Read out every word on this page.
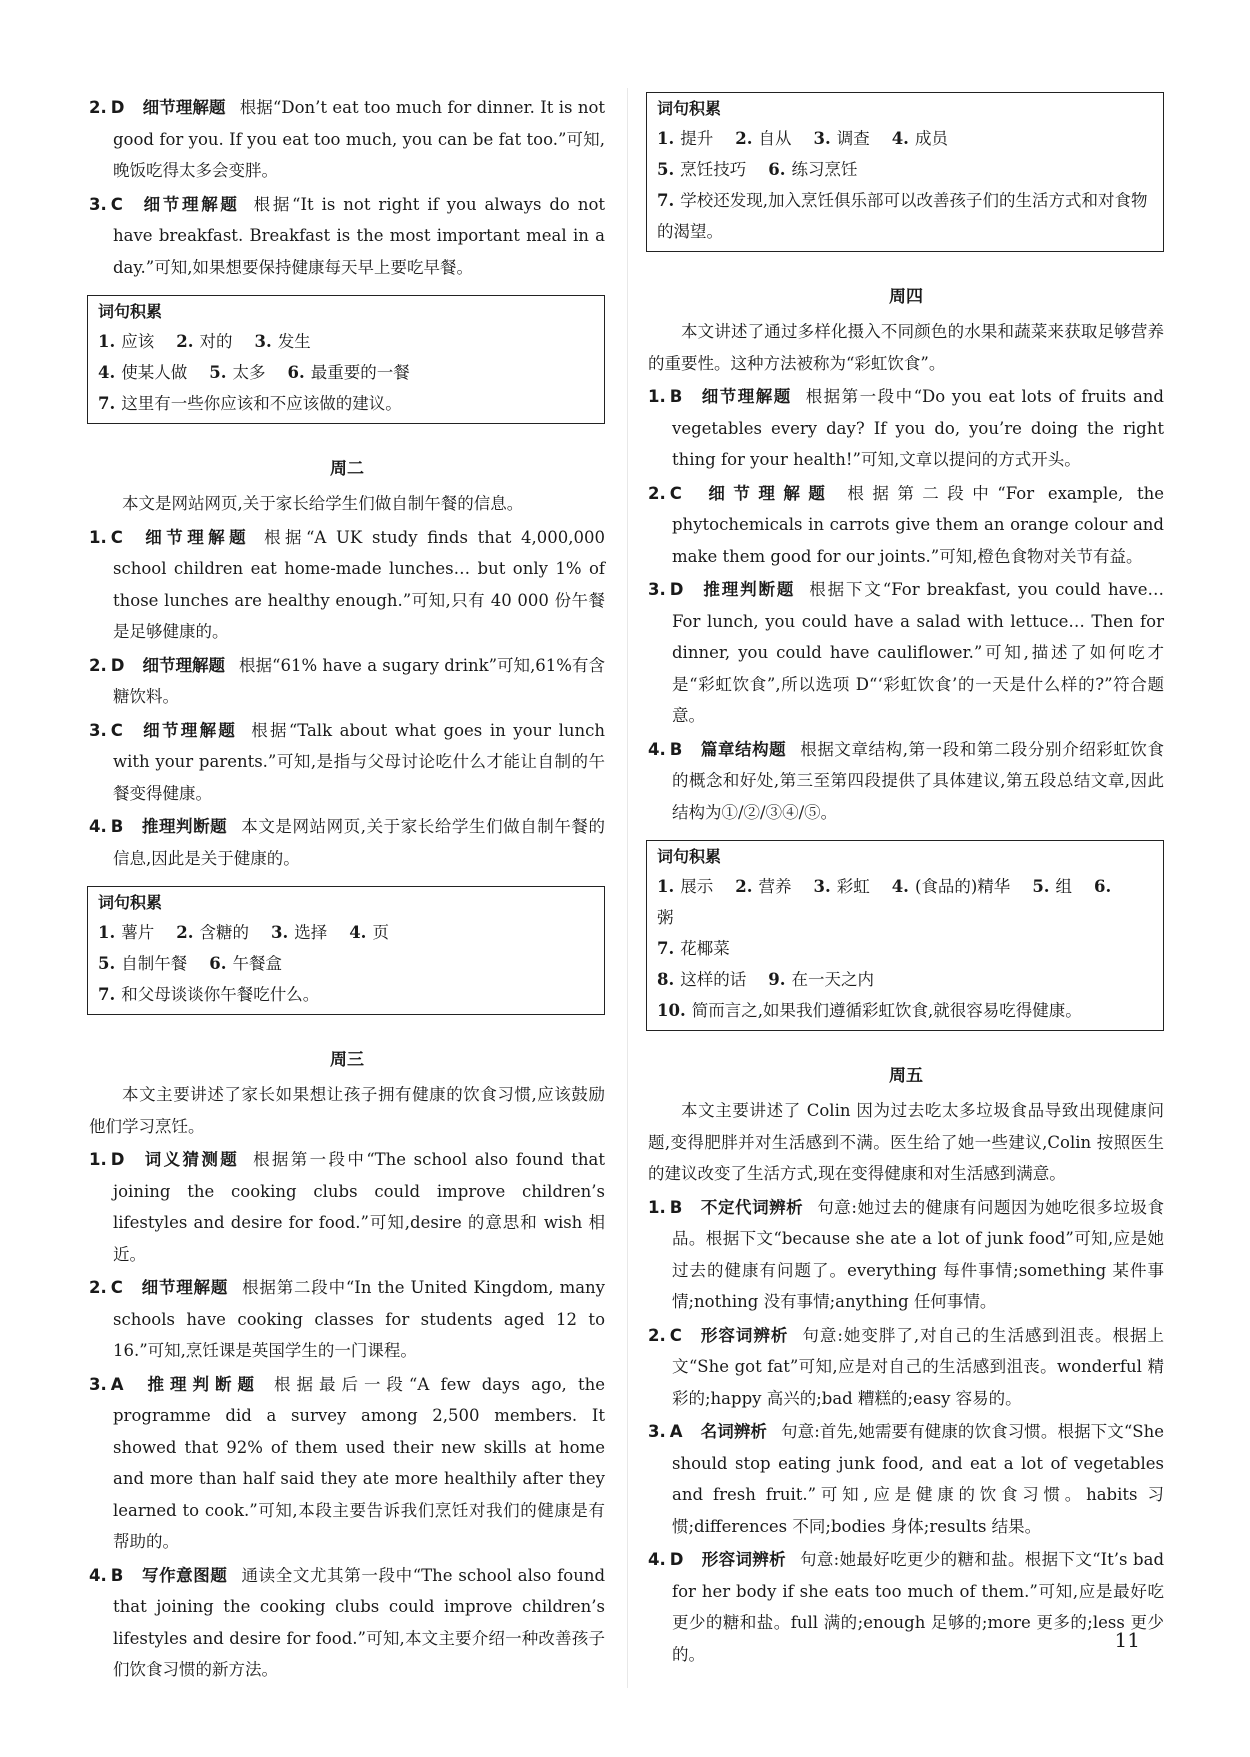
2. D 细节理解题 根据“Don’t eat too much for dinner. It is not good for you. If you eat too much, you can be fat too.”可知,晚饭吃得太多会变胖。

3. C 细节理解题 根据“It is not right if you always do not have breakfast. Breakfast is the most important meal in a day.”可知,如果想要保持健康每天早上要吃早餐。

词句积累
1. 应该 2. 对的 3. 发生
4. 使某人做 5. 太多 6. 最重要的一餐
7. 这里有一些你应该和不应该做的建议。
周二

本文是网站网页,关于家长给学生们做自制午餐的信息。

1. C 细节理解题 根据“A UK study finds that 4,000,000 school children eat home-made lunches… but only 1% of those lunches are healthy enough.”可知,只有 40 000 份午餐是足够健康的。

2. D 细节理解题 根据“61% have a sugary drink”可知,61%有含糖饮料。

3. C 细节理解题 根据“Talk about what goes in your lunch with your parents.”可知,是指与父母讨论吃什么才能让自制的午餐变得健康。

4. B 推理判断题 本文是网站网页,关于家长给学生们做自制午餐的信息,因此是关于健康的。

词句积累
1. 薯片 2. 含糖的 3. 选择 4. 页
5. 自制午餐 6. 午餐盒
7. 和父母谈谈你午餐吃什么。
周三

本文主要讲述了家长如果想让孩子拥有健康的饮食习惯,应该鼓励他们学习烹饪。

1. D 词义猜测题 根据第一段中“The school also found that joining the cooking clubs could improve children’s lifestyles and desire for food.”可知,desire 的意思和 wish 相近。

2. C 细节理解题 根据第二段中“In the United Kingdom, many schools have cooking classes for students aged 12 to 16.”可知,烹饪课是英国学生的一门课程。

3. A 推理判断题 根据最后一段“A few days ago, the programme did a survey among 2,500 members. It showed that 92% of them used their new skills at home and more than half said they ate more healthily after they learned to cook.”可知,本段主要告诉我们烹饪对我们的健康是有帮助的。

4. B 写作意图题 通读全文尤其第一段中“The school also found that joining the cooking clubs could improve children’s lifestyles and desire for food.”可知,本文主要介绍一种改善孩子们饮食习惯的新方法。

词句积累
1. 提升 2. 自从 3. 调查 4. 成员
5. 烹饪技巧 6. 练习烹饪
7. 学校还发现,加入烹饪俱乐部可以改善孩子们的生活方式和对食物的渴望。
周四

本文讲述了通过多样化摄入不同颜色的水果和蔬菜来获取足够营养的重要性。这种方法被称为“彩虹饮食”。

1. B 细节理解题 根据第一段中“Do you eat lots of fruits and vegetables every day? If you do, you’re doing the right thing for your health!”可知,文章以提问的方式开头。

2. C 细节理解题 根据第二段中“For example, the phytochemicals in carrots give them an orange colour and make them good for our joints.”可知,橙色食物对关节有益。

3. D 推理判断题 根据下文“For breakfast, you could have… For lunch, you could have a salad with lettuce… Then for dinner, you could have cauliflower.”可知,描述了如何吃才是“彩虹饮食”,所以选项 D“‘彩虹饮食’的一天是什么样的?”符合题意。

4. B 篇章结构题 根据文章结构,第一段和第二段分别介绍彩虹饮食的概念和好处,第三至第四段提供了具体建议,第五段总结文章,因此结构为①/②/③④/⑤。

词句积累
1. 展示 2. 营养 3. 彩虹 4. (食品的)精华 5. 组 6.粥
7. 花椰菜
8. 这样的话 9. 在一天之内
10. 简而言之,如果我们遵循彩虹饮食,就很容易吃得健康。
周五

本文主要讲述了 Colin 因为过去吃太多垃圾食品导致出现健康问题,变得肥胖并对生活感到不满。医生给了她一些建议,Colin 按照医生的建议改变了生活方式,现在变得健康和对生活感到满意。

1. B 不定代词辨析 句意:她过去的健康有问题因为她吃很多垃圾食品。根据下文“because she ate a lot of junk food”可知,应是她过去的健康有问题了。everything 每件事情;something 某件事情;nothing 没有事情;anything 任何事情。

2. C 形容词辨析 句意:她变胖了,对自己的生活感到沮丧。根据上文“She got fat”可知,应是对自己的生活感到沮丧。wonderful 精彩的;happy 高兴的;bad 糟糕的;easy 容易的。

3. A 名词辨析 句意:首先,她需要有健康的饮食习惯。根据下文“She should stop eating junk food, and eat a lot of vegetables and fresh fruit.”可知,应是健康的饮食习惯。habits 习惯;differences 不同;bodies 身体;results 结果。

4. D 形容词辨析 句意:她最好吃更少的糖和盐。根据下文“It’s bad for her body if she eats too much of them.”可知,应是最好吃更少的糖和盐。full 满的;enough 足够的;more 更多的;less 更少的。

11
